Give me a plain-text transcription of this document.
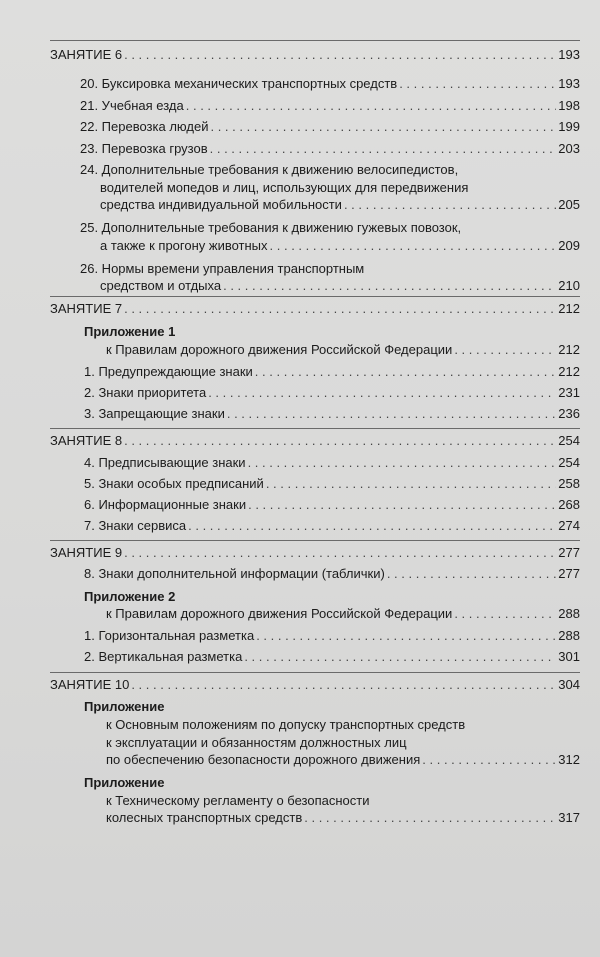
ЗАНЯТИЕ 6 . . .	193
20. Буксировка механических транспортных средств . . .	193
21. Учебная езда . . .	198
22. Перевозка людей . . .	199
23. Перевозка грузов . . .	203
24. Дополнительные требования к движению велосипедистов,
водителей мопедов и лиц, использующих для передвижения
средства индивидуальной мобильности . . .	205
25. Дополнительные требования к движению гужевых повозок,
а также к прогону животных . . .	209
26. Нормы времени управления транспортным
средством и отдыха . . .	210
ЗАНЯТИЕ 7 . . .	212
Приложение 1
к Правилам дорожного движения Российской Федерации . . .	212
1. Предупреждающие знаки . . .	212
2. Знаки приоритета . . .	231
3. Запрещающие знаки . . .	236
ЗАНЯТИЕ 8 . . .	254
4. Предписывающие знаки . . .	254
5. Знаки особых предписаний . . .	258
6. Информационные знаки . . .	268
7. Знаки сервиса . . .	274
ЗАНЯТИЕ 9 . . .	277
8. Знаки дополнительной информации (таблички) . . .	277
Приложение 2
к Правилам дорожного движения Российской Федерации . . .	288
1. Горизонтальная разметка . . .	288
2. Вертикальная разметка . . .	301
ЗАНЯТИЕ 10 . . .	304
Приложение
к Основным положениям по допуску транспортных средств
к эксплуатации и обязанностям должностных лиц
по обеспечению безопасности дорожного движения . . .	312
Приложение
к Техническому регламенту о безопасности
колесных транспортных средств . . .	317
